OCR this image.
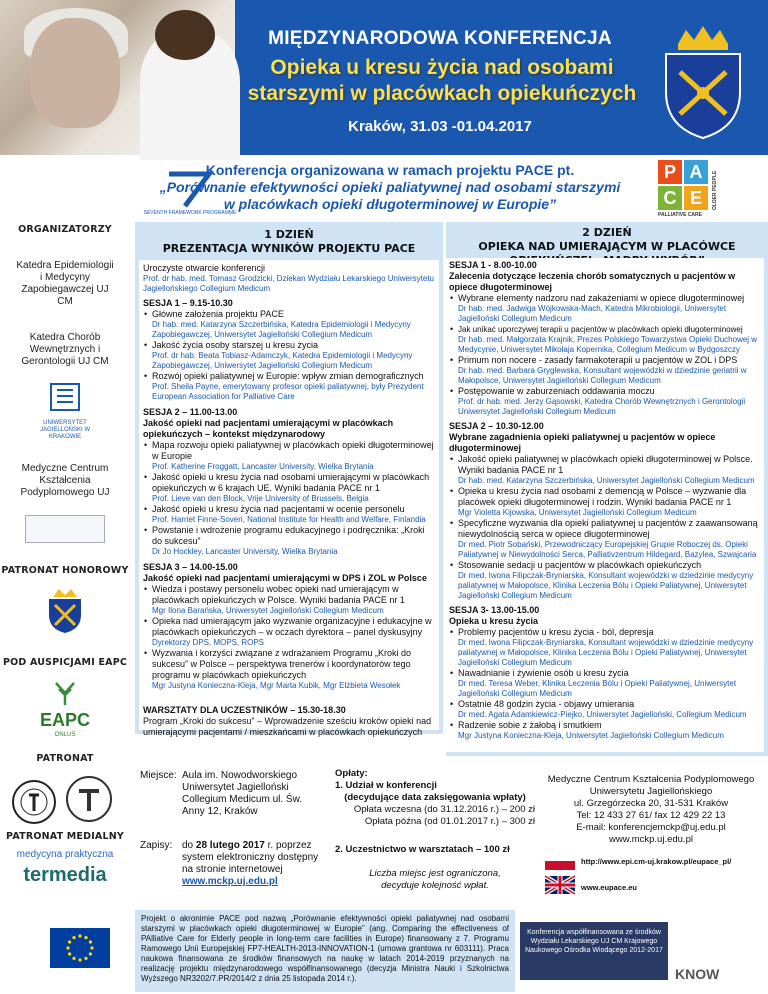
MIĘDZYNARODOWA KONFERENCJA
Opieka u kresu życia nad osobami
starszymi w placówkach opiekuńczych
Kraków, 31.03 -01.04.2017
SEVENTH FRAMEWORK PROGRAMME
Konferencja organizowana w ramach projektu PACE pt.
„Porównanie efektywności opieki paliatywnej nad osobami starszymi
w placówkach opieki długoterminowej w Europie”
P A
C E
PALLIATIVE CARE
OLDER PEOPLE
ORGANIZATORZY
Katedra Epidemiologii i Medycyny Zapobiegawczej UJ CM
Katedra Chorób Wewnętrznych i Gerontologii UJ CM
UNIWERSYTET JAGIELLOŃSKI W KRAKOWIE
Medyczne Centrum Kształcenia Podyplomowego UJ
PATRONAT HONOROWY
POD AUSPICJAMI EAPC
EAPC
ONLUS
PATRONAT

PATRONAT MEDIALNY
medycyna praktyczna
termedia
1 DZIEŃ
PREZENTACJA WYNIKÓW PROJEKTU PACE
Uroczyste otwarcie konferencji
Prof. dr hab. med. Tomasz Grodzicki, Dziekan Wydziału Lekarskiego Uniwersytetu Jagiellońskiego Collegium Medicum
SESJA 1 – 9.15-10.30
• Główne założenia projektu PACE
Dr hab. med. Katarzyna Szczerbińska, Katedra Epidemiologii i Medycyny Zapobiegawczej, Uniwersytet Jagielloński Collegium Medicum
• Jakość życia osoby starszej u kresu życia
Prof. dr hab. Beata Tobiasz-Adamczyk, Katedra Epidemiologii i Medycyny Zapobiegawczej, Uniwersytet Jagielloński Collegium Medicum
• Rozwój opieki paliatywnej w Europie: wpływ zmian demograficznych
Prof. Sheila Payne, emerytowany profesor opieki paliatywnej, były Prezydent European Association for Palliative Care
SESJA 2 – 11.00-13.00
Jakość opieki nad pacjentami umierającymi w placówkach opiekuńczych – kontekst międzynarodowy
• Mapa rozwoju opieki paliatywnej w placówkach opieki długoterminowej w Europie
Prof. Katherine Froggatt, Lancaster University, Wielka Brytania
• Jakość opieki u kresu życia nad osobami umierającymi w placówkach opiekuńczych w 6 krajach UE. Wyniki badania PACE nr 1
Prof. Lieve van den Block, Vrije University of Brussels, Belgia
• Jakość opieki u kresu życia nad pacjentami w ocenie personelu
Prof. Harriet Finne-Soveri, National Institute for Health and Welfare, Finlandia
• Powstanie i wdrożenie programu edukacyjnego i podręcznika: „Kroki do sukcesu”
Dr Jo Hockley, Lancaster University, Wielka Brytania
SESJA 3 – 14.00-15.00
Jakość opieki nad pacjentami umierającymi w DPS i ZOL w Polsce
• Wiedza i postawy personelu wobec opieki nad umierającym w placówkach opiekuńczych w Polsce. Wyniki badania PACE nr 1
Mgr Ilona Barańska, Uniwersytet Jagielloński Collegium Medicum
• Opieka nad umierającym jako wyzwanie organizacyjne i edukacyjne w placówkach opiekuńczych – w oczach dyrektora – panel dyskusyjny
Dyrektorzy DPS, MOPS, ROPS
• Wyzwania i korzyści związane z wdrażaniem Programu „Kroki do sukcesu” w Polsce – perspektywa trenerów i koordynatorów tego programu w placówkach opiekuńczych
Mgr Justyna Konieczna-Kleja, Mgr Marta Kubik, Mgr Elżbieta Wesołek
WARSZTATY DLA UCZESTNIKÓW – 15.30-18.30
Program „Kroki do sukcesu” – Wprowadzenie sześciu kroków opieki nad umierającymi pacjentami / mieszkańcami w placówkach opiekuńczych
2 DZIEŃ
OPIEKA NAD UMIERAJĄCYM W PLACÓWCE
SESJA 1 - 8.00-10.00
Zalecenia dotyczące leczenia chorób somatycznych u pacjentów w opiece długoterminowej
• Wybrane elementy nadzoru nad zakażeniami w opiece długoterminowej
Dr hab. med. Jadwiga Wójkowska-Mach, Katedra Mikrobiologii, Uniwersytet Jagielloński Collegium Medicum
• Jak unikać uporczywej terapii u pacjentów w placówkach opieki długoterminowej
Dr hab. med. Małgorzata Krajnik, Prezes Polskiego Towarzystwa Opieki Duchowej w Medycynie, Uniwersytet Mikołaja Kopernika, Collegium Medicum w Bydgoszczy
• Primum non nocere - zasady farmakoterapii u pacjentów w ZOL i DPS
Dr hab. med. Barbara Gryglewska, Konsultant wojewódzki w dziedzinie geriatrii w Małopolsce, Uniwersytet Jagielloński Collegium Medicum
• Postępowanie w zaburzeniach oddawania moczu
Prof. dr hab. med. Jerzy Gąsowski, Katedra Chorób Wewnętrznych i Gerontologii Uniwersytet Jagielloński Collegium Medicum
SESJA 2 – 10.30-12.00
Wybrane zagadnienia opieki paliatywnej u pacjentów w opiece długoterminowej
• Jakość opieki paliatywnej w placówkach opieki długoterminowej w Polsce. Wyniki badania PACE nr 1
Dr hab. med. Katarzyna Szczerbińska, Uniwersytet Jagielloński Collegium Medicum
• Opieka u kresu życia nad osobami z demencją w Polsce – wyzwanie dla placówek opieki długoterminowej i rodzin. Wyniki badania PACE nr 1
Mgr Violetta Kijowska, Uniwersytet Jagielloński Collegium Medicum
• Specyficzne wyzwania dla opieki paliatywnej u pacjentów z zaawansowaną niewydolnością serca w opiece długoterminowej
Dr med. Piotr Sobański, Przewodniczący Europejskiej Grupie Roboczej ds. Opieki Paliatywnej w Niewydolności Serca, Palliativzentrum Hildegard, Bazylea, Szwajcaria
• Stosowanie sedacji u pacjentów w placówkach opiekuńczych
Dr med. Iwona Filipczak-Bryniarska, Konsultant wojewódzki w dziedzinie medycyny paliatywnej w Małopolsce, Klinika Leczenia Bólu i Opieki Paliatywnej, Uniwersytet Jagielloński Collegium Medicum
SESJA 3- 13.00-15.00
Opieka u kresu życia
• Problemy pacjentów u kresu życia - ból, depresja
Dr med. Iwona Filipczak-Bryniarska, Konsultant wojewódzki w dziedzinie medycyny paliatywnej w Małopolsce, Klinika Leczenia Bólu i Opieki Paliatywnej, Uniwersytet Jagielloński Collegium Medicum
• Nawadnianie i żywienie osób u kresu życia
Dr med. Teresa Weber, Klinika Leczenia Bólu i Opieki Paliatywnej, Uniwersytet Jagielloński Collegium Medicum
• Ostatnie 48 godzin życia - objawy umierania
Dr med. Agata Adamkiewicz-Piejko, Uniwersytet Jagielloński, Collegium Medicum
• Radzenie sobie z żałobą i smutkiem
Mgr Justyna Konieczna-Kleja, Uniwersytet Jagielloński Collegium Medicum
Miejsce: Aula im. Nowodworskiego Uniwersytet Jagielloński Collegium Medicum ul. Św. Anny 12, Kraków
Zapisy: do 28 lutego 2017 r. poprzez system elektroniczny dostępny na stronie internetowej
www.mckp.uj.edu.pl
Opłaty:
1. Udział w konferencji
(decydujące data zaksięgowania wpłaty)
Opłata wczesna (do 31.12.2016 r.) – 200 zł
Opłata późna (od 01.01.2017 r.) – 300 zł
2. Uczestnictwo w warsztatach – 100 zł
Liczba miejsc jest ograniczona, decyduje kolejność wpłat.
Medyczne Centrum Kształcenia Podyplomowego
Uniwersytetu Jagiellońskiego
ul. Grzegórzecka 20, 31-531 Kraków
Tel: 12 433 27 61/ fax 12 429 22 13
E-mail: konferencjemckp@uj.edu.pl
www.mckp.uj.edu.pl
http://www.epi.cm-uj.krakow.pl/eupace_pl/
www.eupace.eu
Projekt o akronimie PACE pod nazwą „Porównanie efektywności opieki paliatywnej nad osobami starszymi w placówkach opieki długoterminowej w Europie” (ang. Comparing the effectiveness of PAlliative Care for Elderly people in long-term care facilities in Europe) finansowany z 7. Programu Ramowego Unii Europejskiej FP7-HEALTH-2013-INNOVATION-1 (umowa grantowa nr 603111). Praca naukowa finansowana ze środków finansowych na naukę w latach 2014-2019 przyznanych na realizację projektu międzynarodowego współfinansowanego (decyzja Ministra Nauki i Szkolnictwa Wyższego NR3202/7.PR/2014/2 z dnia 25 listopada 2014 r.).
Konferencja współfinansowana ze środków Wydziału Lekarskiego UJ CM Krajowego Naukowego Ośrodka Wiodącego 2012-2017
KNOW
